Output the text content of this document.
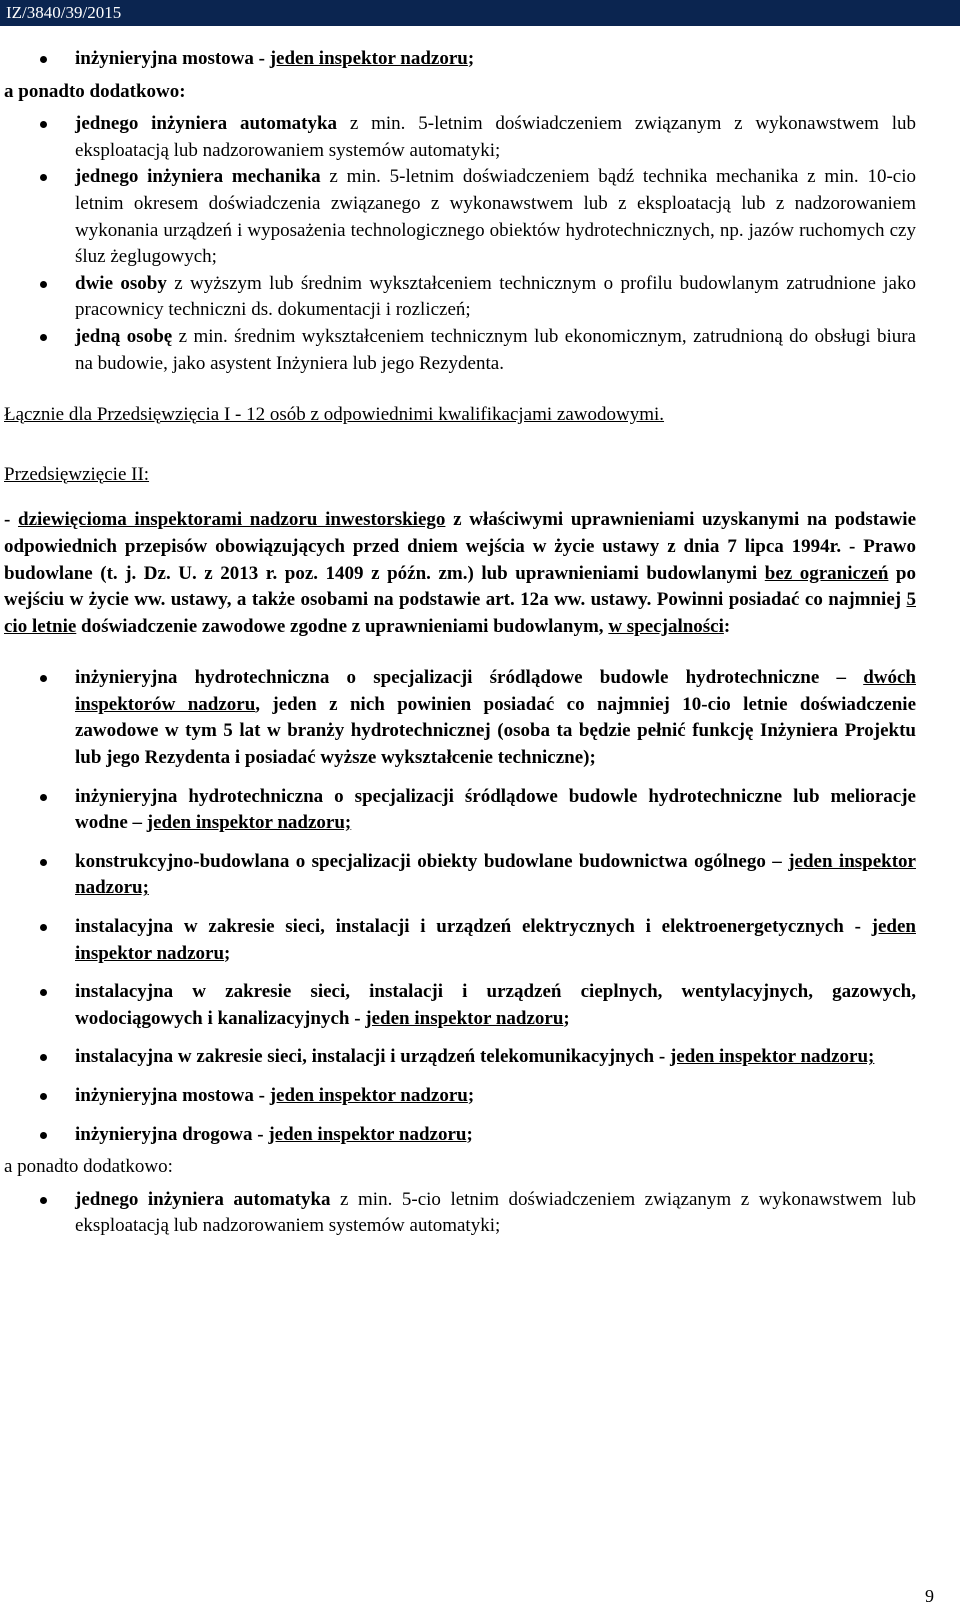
IZ/3840/39/2015
inżynieryjna mostowa - jeden inspektor nadzoru;
a ponadto dodatkowo:
jednego inżyniera automatyka z min. 5-letnim doświadczeniem związanym z wykonawstwem lub eksploatacją lub nadzorowaniem systemów automatyki;
jednego inżyniera mechanika z min. 5-letnim doświadczeniem bądź technika mechanika z min. 10-cio letnim okresem doświadczenia związanego z wykonawstwem lub z eksploatacją lub z nadzorowaniem wykonania urządzeń i wyposażenia technologicznego obiektów hydrotechnicznych, np. jazów ruchomych czy śluz żeglugowych;
dwie osoby z wyższym lub średnim wykształceniem technicznym o profilu budowlanym zatrudnione jako pracownicy techniczni ds. dokumentacji i rozliczeń;
jedną osobę z min. średnim wykształceniem technicznym lub ekonomicznym, zatrudnioną do obsługi biura na budowie, jako asystent Inżyniera lub jego Rezydenta.
Łącznie dla Przedsięwzięcia I - 12 osób z odpowiednimi kwalifikacjami zawodowymi.
Przedsięwzięcie II:
- dziewięcioma inspektorami nadzoru inwestorskiego z właściwymi uprawnieniami uzyskanymi na podstawie odpowiednich przepisów obowiązujących przed dniem wejścia w życie ustawy z dnia 7 lipca 1994r. - Prawo budowlane (t. j. Dz. U. z 2013 r. poz. 1409 z późn. zm.) lub uprawnieniami budowlanymi bez ograniczeń po wejściu w życie ww. ustawy, a także osobami na podstawie art. 12a ww. ustawy. Powinni posiadać co najmniej 5 cio letnie doświadczenie zawodowe zgodne z uprawnieniami budowlanym, w specjalności:
inżynieryjna hydrotechniczna o specjalizacji śródlądowe budowle hydrotechniczne – dwóch inspektorów nadzoru, jeden z nich powinien posiadać co najmniej 10-cio letnie doświadczenie zawodowe w tym 5 lat w branży hydrotechnicznej (osoba ta będzie pełnić funkcję Inżyniera Projektu lub jego Rezydenta i posiadać wyższe wykształcenie techniczne);
inżynieryjna hydrotechniczna o specjalizacji śródlądowe budowle hydrotechniczne lub melioracje wodne – jeden inspektor nadzoru;
konstrukcyjno-budowlana o specjalizacji obiekty budowlane budownictwa ogólnego – jeden inspektor nadzoru;
instalacyjna w zakresie sieci, instalacji i urządzeń elektrycznych i elektroenergetycznych - jeden inspektor nadzoru;
instalacyjna w zakresie sieci, instalacji i urządzeń cieplnych, wentylacyjnych, gazowych, wodociągowych i kanalizacyjnych - jeden inspektor nadzoru;
instalacyjna w zakresie sieci, instalacji i urządzeń telekomunikacyjnych - jeden inspektor nadzoru;
inżynieryjna mostowa - jeden inspektor nadzoru;
inżynieryjna drogowa - jeden inspektor nadzoru;
a ponadto dodatkowo:
jednego inżyniera automatyka z min. 5-cio letnim doświadczeniem związanym z wykonawstwem lub eksploatacją lub nadzorowaniem systemów automatyki;
9
